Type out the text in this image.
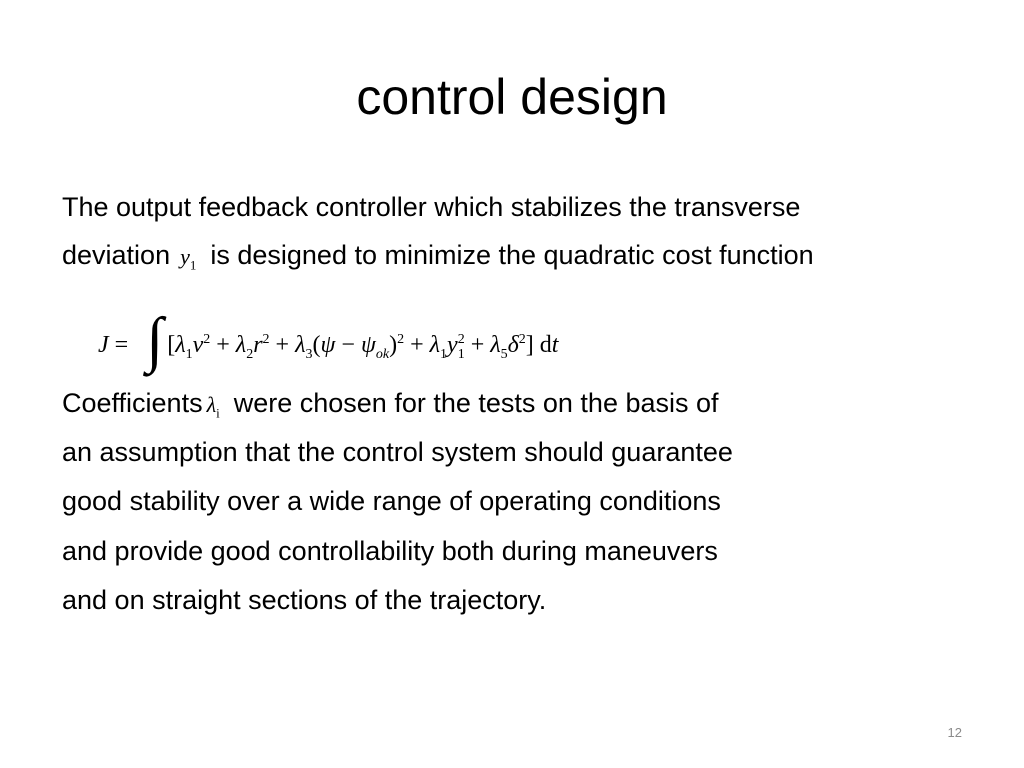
control design
The output feedback controller which stabilizes the transverse
deviation $y_1$ is designed to minimize the quadratic cost function
J = ∫ $[\lambda_1v^2 + \lambda_2r^2 + \lambda_3(\psi - \psi_{ok})^2 + \lambda_1y^2_1 + \lambda_5\delta^2]$ dt
Coefficients $\lambda_i$ were chosen for the tests on the basis of
an assumption that the control system should guarantee
good stability over a wide range of operating conditions
and provide good controllability both during maneuvers
and on straight sections of the trajectory.
12
